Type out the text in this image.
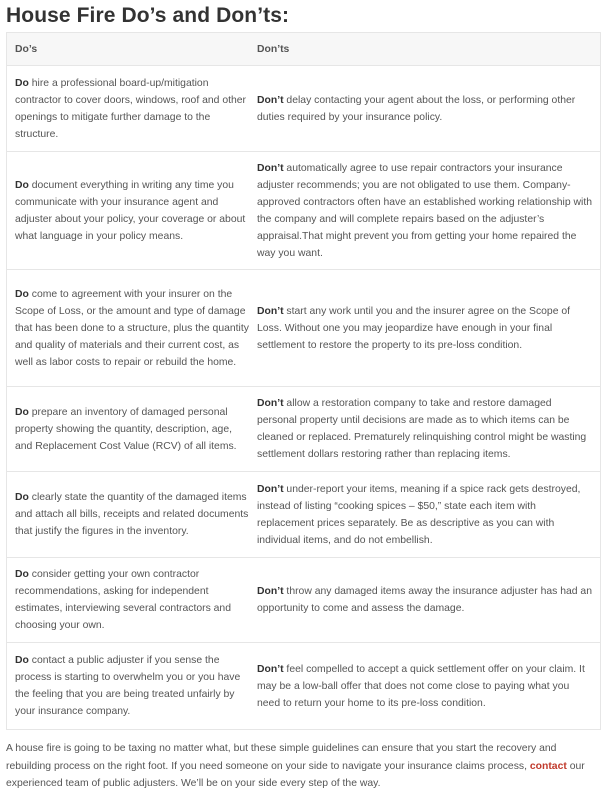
House Fire Do’s and Don’ts:
Do’s	Don’ts

Do hire a professional board-up/mitigation contractor to cover doors, windows, roof and other openings to mitigate further damage to the structure.

Don’t delay contacting your agent about the loss, or performing other duties required by your insurance policy.

Do document everything in writing any time you communicate with your insurance agent and adjuster about your policy, your coverage or about what language in your policy means.

Don’t automatically agree to use repair contractors your insurance adjuster recommends; you are not obligated to use them. Company-approved contractors often have an established working relationship with the company and will complete repairs based on the adjuster’s appraisal.That might prevent you from getting your home repaired the way you want.

Do come to agreement with your insurer on the Scope of Loss, or the amount and type of damage that has been done to a structure, plus the quantity and quality of materials and their current cost, as well as labor costs to repair or rebuild the home.

Don’t start any work until you and the insurer agree on the Scope of Loss. Without one you may jeopardize have enough in your final settlement to restore the property to its pre-loss condition.

Do prepare an inventory of damaged personal property showing the quantity, description, age, and Replacement Cost Value (RCV) of all items.

Don’t allow a restoration company to take and restore damaged personal property until decisions are made as to which items can be cleaned or replaced. Prematurely relinquishing control might be wasting settlement dollars restoring rather than replacing items.

Do clearly state the quantity of the damaged items and attach all bills, receipts and related documents that justify the figures in the inventory.

Don’t under-report your items, meaning if a spice rack gets destroyed, instead of listing “cooking spices – $50,” state each item with replacement prices separately. Be as descriptive as you can with individual items, and do not embellish.

Do consider getting your own contractor recommendations, asking for independent estimates, interviewing several contractors and choosing your own.

Don’t throw any damaged items away the insurance adjuster has had an opportunity to come and assess the damage.

Do contact a public adjuster if you sense the process is starting to overwhelm you or you have the feeling that you are being treated unfairly by your insurance company.

Don’t feel compelled to accept a quick settlement offer on your claim. It may be a low-ball offer that does not come close to paying what you need to return your home to its pre-loss condition.

A house fire is going to be taxing no matter what, but these simple guidelines can ensure that you start the recovery and rebuilding process on the right foot. If you need someone on your side to navigate your insurance claims process, contact our experienced team of public adjusters. We’ll be on your side every step of the way.
